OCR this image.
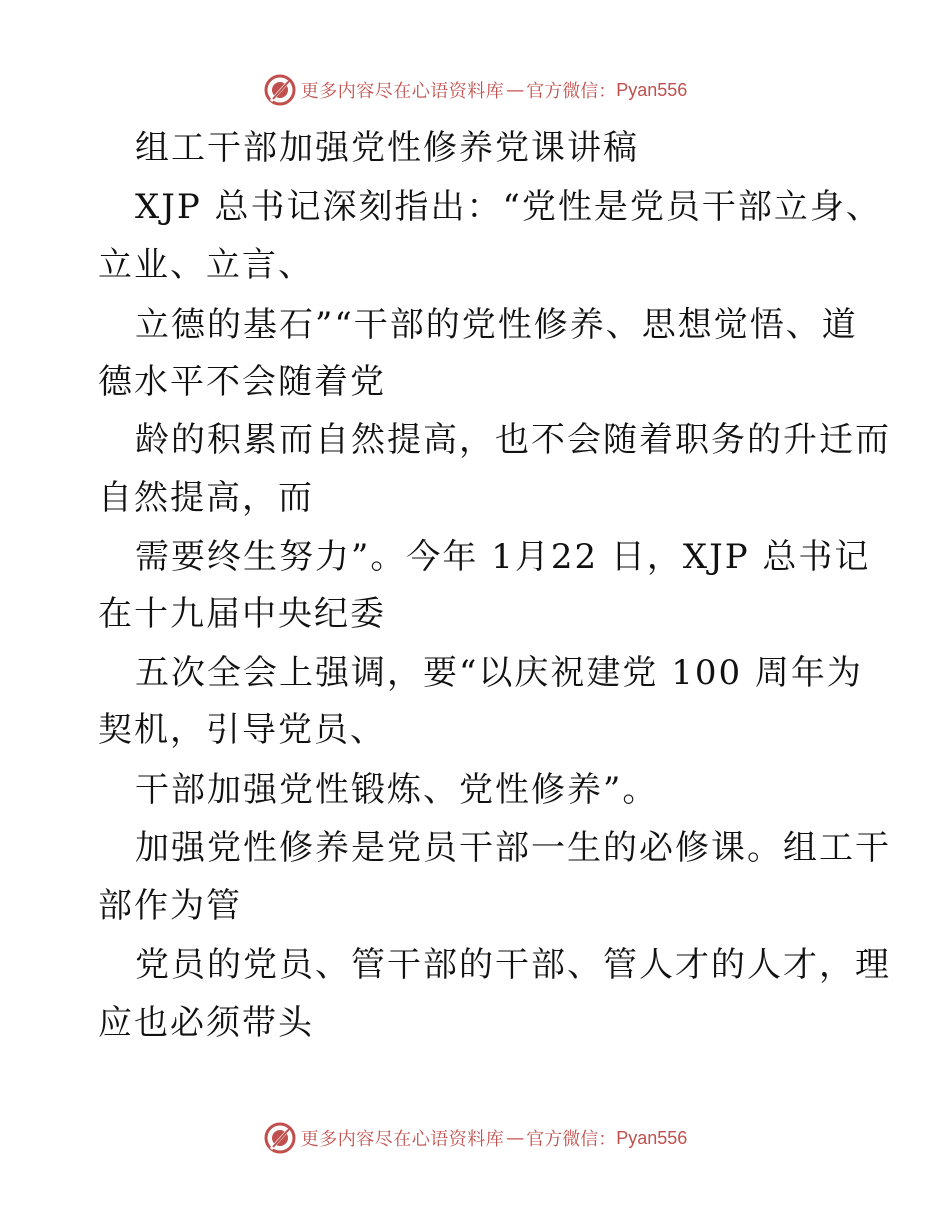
更多内容尽在心语资料库 — 官方微信： Pyan556
组工干部加强党性修养党课讲稿
XJP 总书记深刻指出：“党性是党员干部立身、
立业、立言、
立德的基石”“干部的党性修养、思想觉悟、道
德水平不会随着党
龄的积累而自然提高，也不会随着职务的升迁而
自然提高，而
需要终生努力”。今年 1月22 日，XJP 总书记
在十九届中央纪委
五次全会上强调，要“以庆祝建党 100 周年为
契机，引导党员、
干部加强党性锻炼、党性修养”。
加强党性修养是党员干部一生的必修课。组工干
部作为管
党员的党员、管干部的干部、管人才的人才，理
应也必须带头
更多内容尽在心语资料库 — 官方微信： Pyan556
